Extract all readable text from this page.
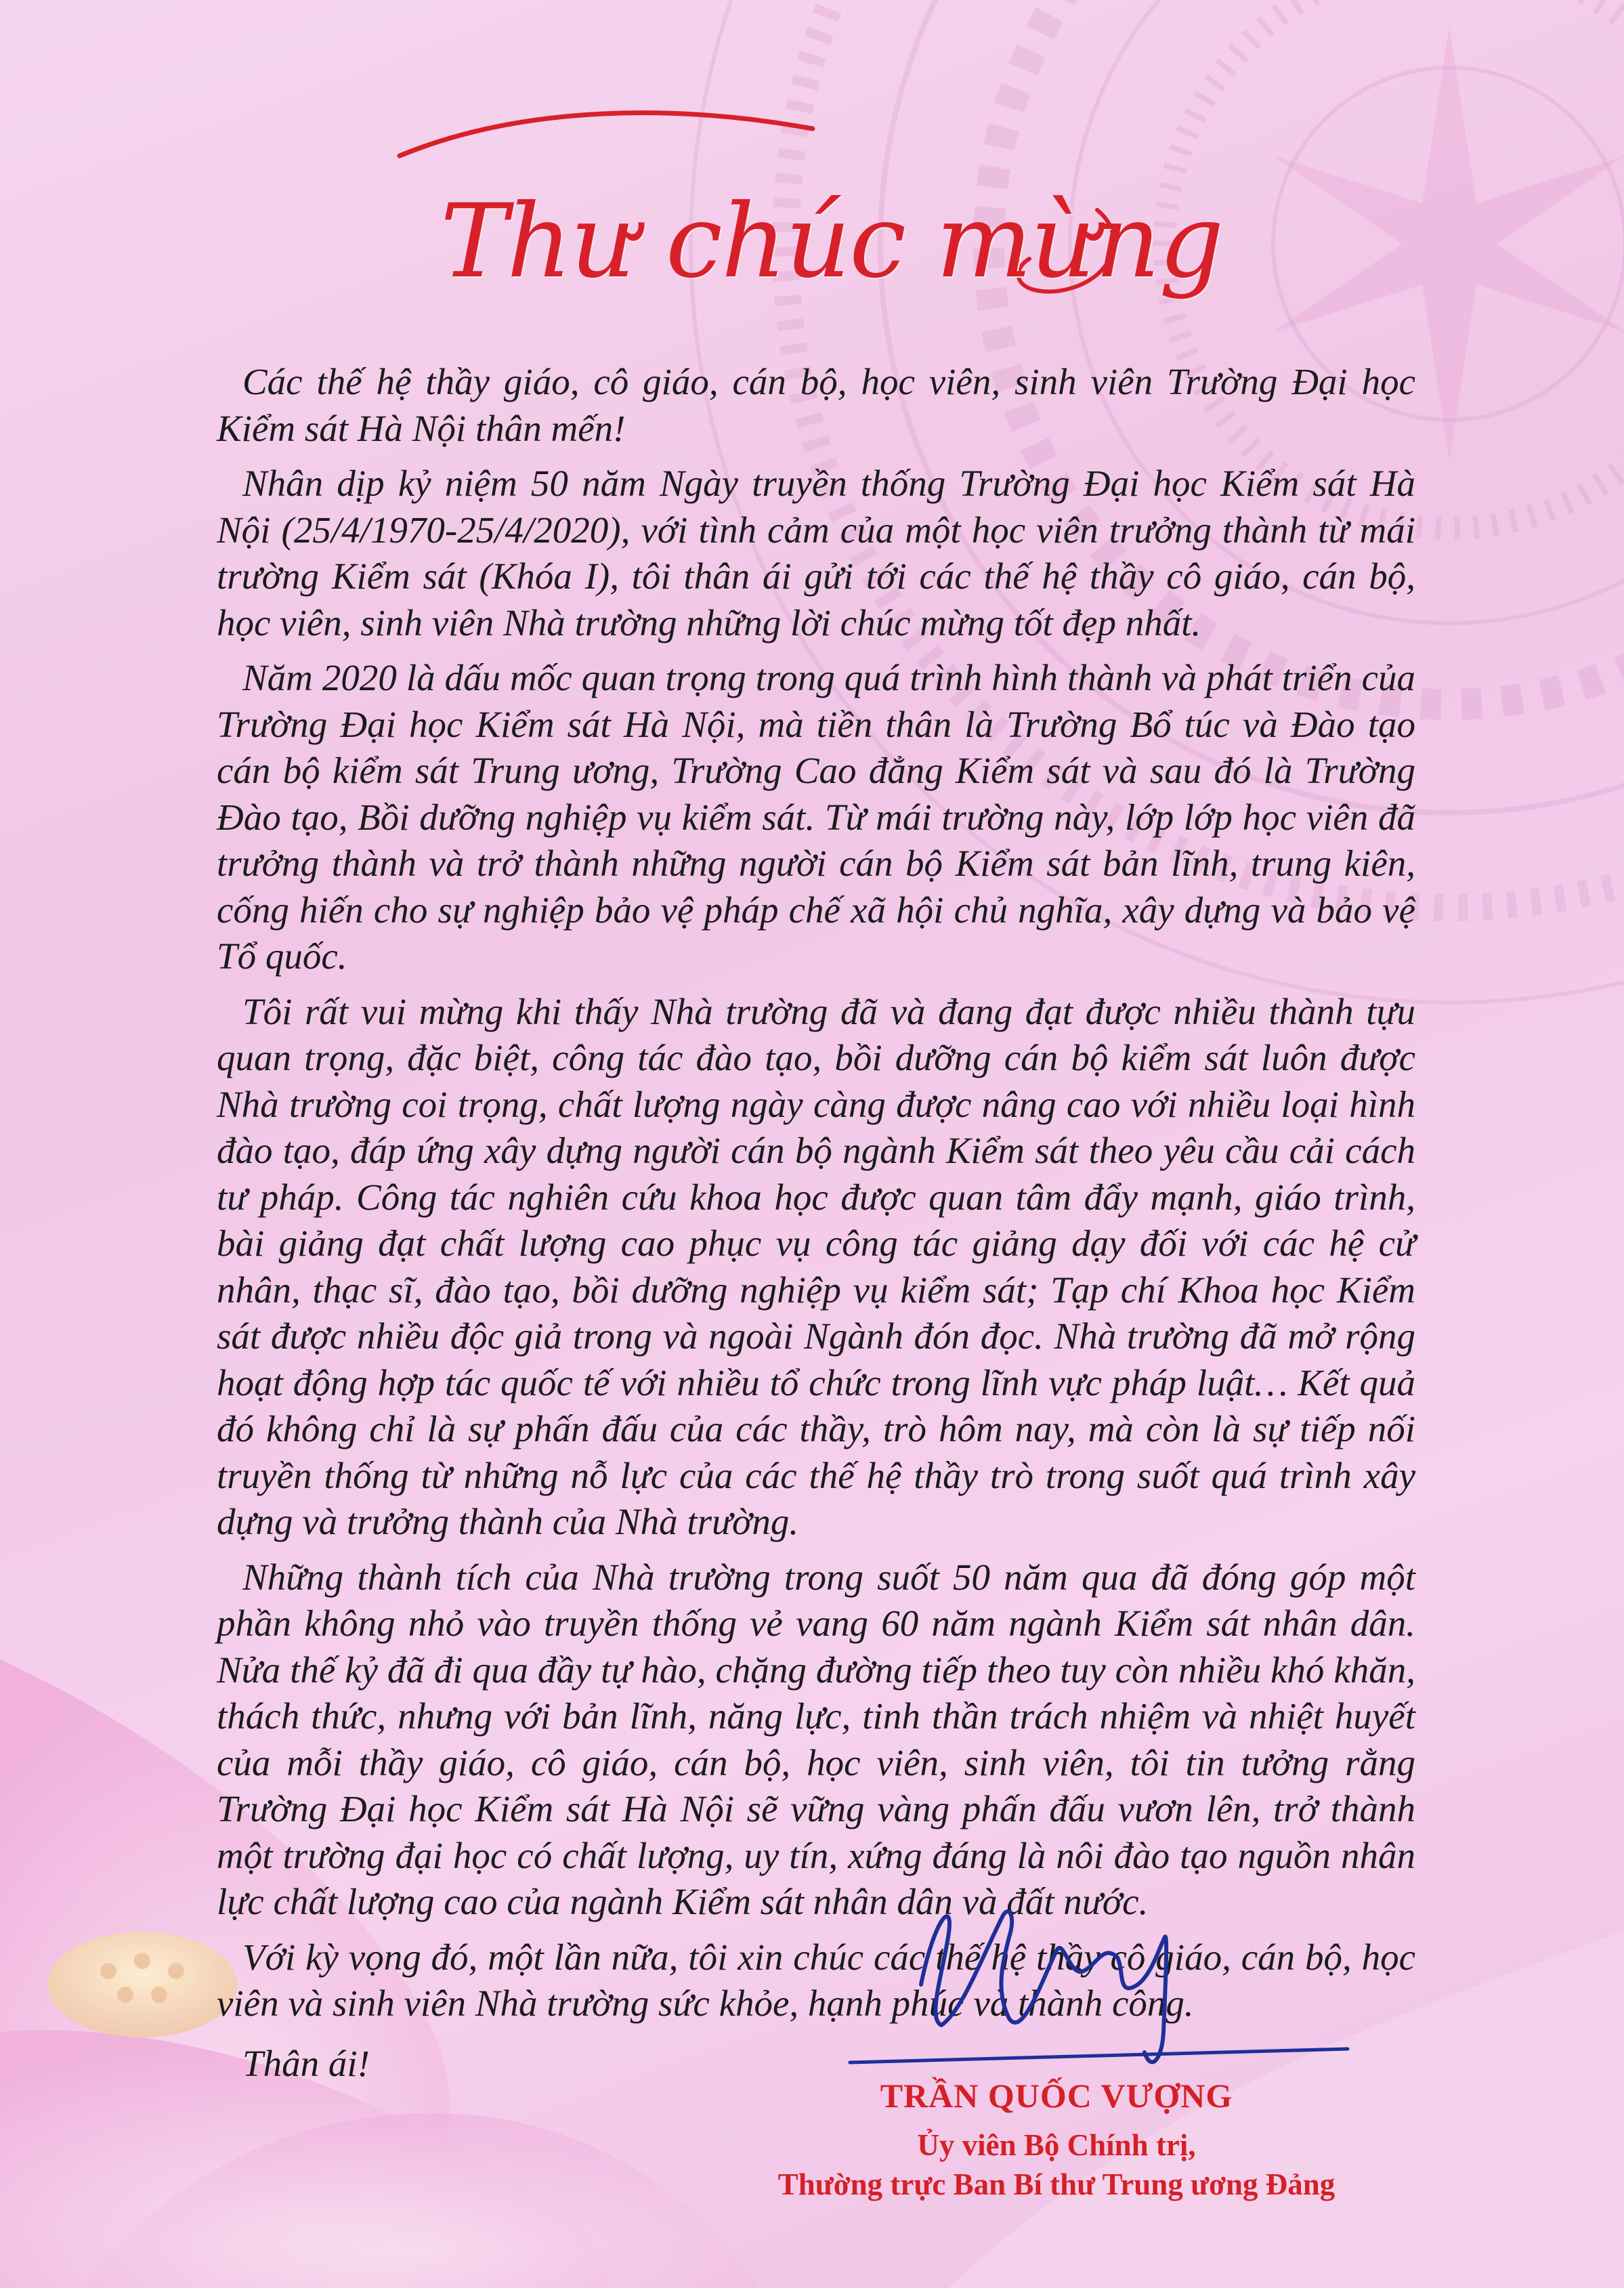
Thư chúc mừng

Các thế hệ thầy giáo, cô giáo, cán bộ, học viên, sinh viên Trường Đại học Kiểm sát Hà Nội thân mến!

Nhân dịp kỷ niệm 50 năm Ngày truyền thống Trường Đại học Kiểm sát Hà Nội (25/4/1970-25/4/2020), với tình cảm của một học viên trưởng thành từ mái trường Kiểm sát (Khóa I), tôi thân ái gửi tới các thế hệ thầy cô giáo, cán bộ, học viên, sinh viên Nhà trường những lời chúc mừng tốt đẹp nhất.

Năm 2020 là dấu mốc quan trọng trong quá trình hình thành và phát triển của Trường Đại học Kiểm sát Hà Nội, mà tiền thân là Trường Bổ túc và Đào tạo cán bộ kiểm sát Trung ương, Trường Cao đẳng Kiểm sát và sau đó là Trường Đào tạo, Bồi dưỡng nghiệp vụ kiểm sát. Từ mái trường này, lớp lớp học viên đã trưởng thành và trở thành những người cán bộ Kiểm sát bản lĩnh, trung kiên, cống hiến cho sự nghiệp bảo vệ pháp chế xã hội chủ nghĩa, xây dựng và bảo vệ Tổ quốc.

Tôi rất vui mừng khi thấy Nhà trường đã và đang đạt được nhiều thành tựu quan trọng, đặc biệt, công tác đào tạo, bồi dưỡng cán bộ kiểm sát luôn được Nhà trường coi trọng, chất lượng ngày càng được nâng cao với nhiều loại hình đào tạo, đáp ứng xây dựng người cán bộ ngành Kiểm sát theo yêu cầu cải cách tư pháp. Công tác nghiên cứu khoa học được quan tâm đẩy mạnh, giáo trình, bài giảng đạt chất lượng cao phục vụ công tác giảng dạy đối với các hệ cử nhân, thạc sĩ, đào tạo, bồi dưỡng nghiệp vụ kiểm sát; Tạp chí Khoa học Kiểm sát được nhiều độc giả trong và ngoài Ngành đón đọc. Nhà trường đã mở rộng hoạt động hợp tác quốc tế với nhiều tổ chức trong lĩnh vực pháp luật… Kết quả đó không chỉ là sự phấn đấu của các thầy, trò hôm nay, mà còn là sự tiếp nối truyền thống từ những nỗ lực của các thế hệ thầy trò trong suốt quá trình xây dựng và trưởng thành của Nhà trường.

Những thành tích của Nhà trường trong suốt 50 năm qua đã đóng góp một phần không nhỏ vào truyền thống vẻ vang 60 năm ngành Kiểm sát nhân dân. Nửa thế kỷ đã đi qua đầy tự hào, chặng đường tiếp theo tuy còn nhiều khó khăn, thách thức, nhưng với bản lĩnh, năng lực, tinh thần trách nhiệm và nhiệt huyết của mỗi thầy giáo, cô giáo, cán bộ, học viên, sinh viên, tôi tin tưởng rằng Trường Đại học Kiểm sát Hà Nội sẽ vững vàng phấn đấu vươn lên, trở thành một trường đại học có chất lượng, uy tín, xứng đáng là nôi đào tạo nguồn nhân lực chất lượng cao của ngành Kiểm sát nhân dân và đất nước.

Với kỳ vọng đó, một lần nữa, tôi xin chúc các thế hệ thầy cô giáo, cán bộ, học viên và sinh viên Nhà trường sức khỏe, hạnh phúc và thành công.

Thân ái!

TRẦN QUỐC VƯỢNG
Ủy viên Bộ Chính trị,
Thường trực Ban Bí thư Trung ương Đảng
